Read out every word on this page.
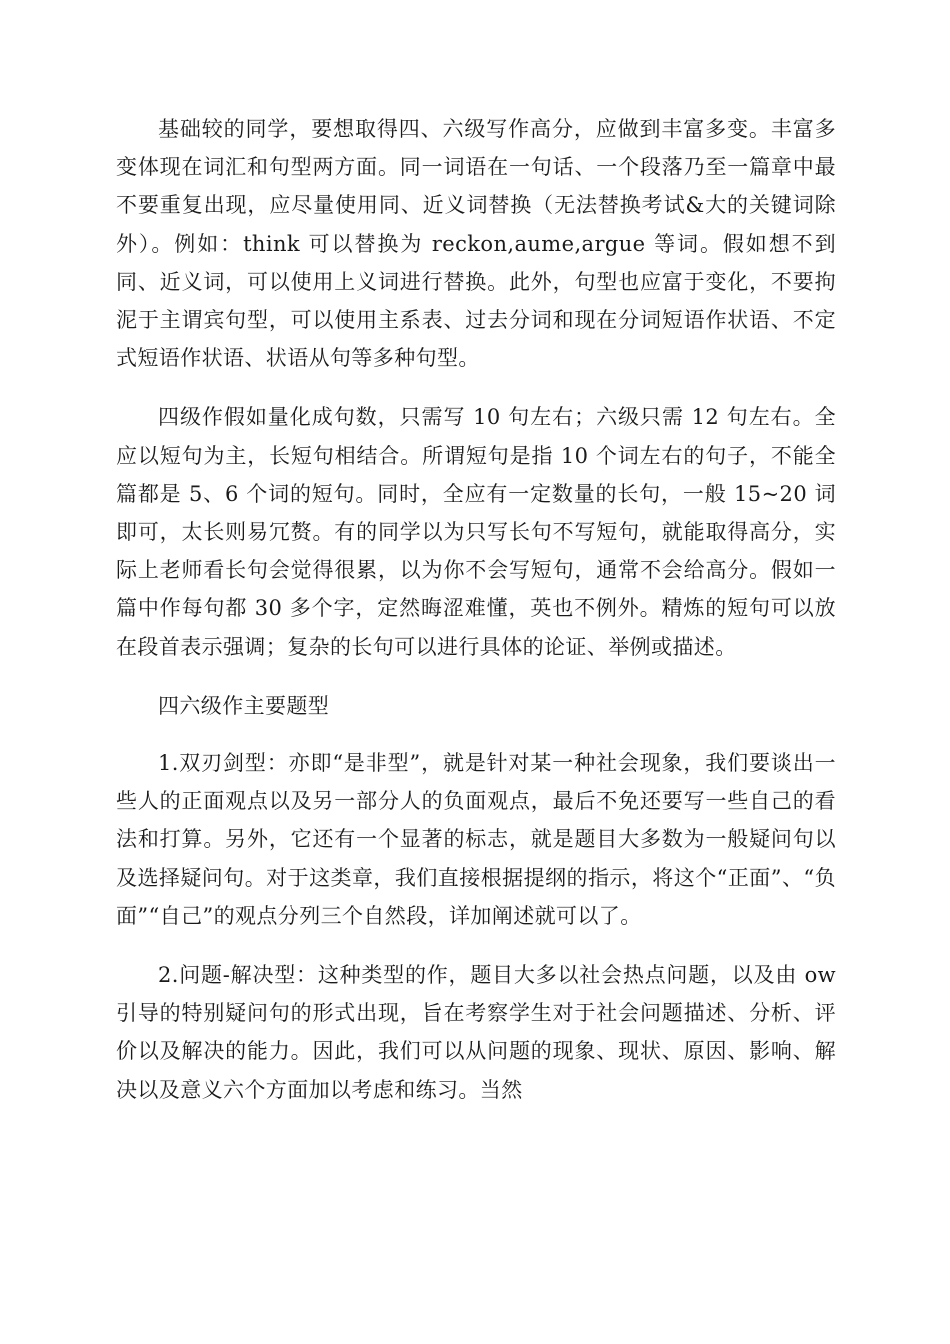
基础较的同学，要想取得四、六级写作高分，应做到丰富多变。丰富多变体现在词汇和句型两方面。同一词语在一句话、一个段落乃至一篇章中最不要重复出现，应尽量使用同、近义词替换（无法替换考试&大的关键词除外）。例如：think 可以替换为 reckon,aume,argue 等词。假如想不到同、近义词，可以使用上义词进行替换。此外，句型也应富于变化，不要拘泥于主谓宾句型，可以使用主系表、过去分词和现在分词短语作状语、不定式短语作状语、状语从句等多种句型。

四级作假如量化成句数，只需写 10 句左右；六级只需 12 句左右。全应以短句为主，长短句相结合。所谓短句是指 10 个词左右的句子，不能全篇都是 5、6 个词的短句。同时，全应有一定数量的长句，一般 15~20 词即可，太长则易冗赘。有的同学以为只写长句不写短句，就能取得高分，实际上老师看长句会觉得很累，以为你不会写短句，通常不会给高分。假如一篇中作每句都 30 多个字，定然晦涩难懂，英也不例外。精炼的短句可以放在段首表示强调；复杂的长句可以进行具体的论证、举例或描述。

四六级作主要题型

1.双刃剑型：亦即“是非型”，就是针对某一种社会现象，我们要谈出一些人的正面观点以及另一部分人的负面观点，最后不免还要写一些自己的看法和打算。另外，它还有一个显著的标志，就是题目大多数为一般疑问句以及选择疑问句。对于这类章，我们直接根据提纲的指示，将这个“正面”、“负面”“自己”的观点分列三个自然段，详加阐述就可以了。

2.问题-解决型：这种类型的作，题目大多以社会热点问题，以及由 ow 引导的特别疑问句的形式出现，旨在考察学生对于社会问题描述、分析、评价以及解决的能力。因此，我们可以从问题的现象、现状、原因、影响、解决以及意义六个方面加以考虑和练习。当然
